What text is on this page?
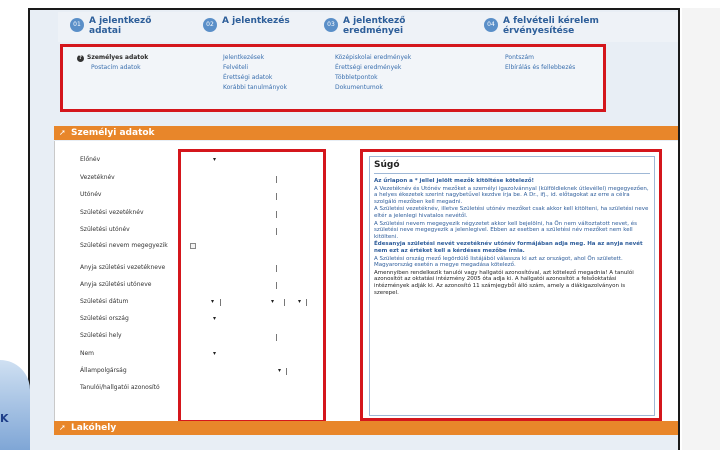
K
01 A jelentkező adatai
02 A jelentkezés	03 A jelentkező eredményei
04 A felvételi kérelem érvényesítése
? Személyes adatok
Postacím adatok
Jelentkezések
Felvételi
Érettségi adatok
Korábbi tanulmányok
Középiskolai eredmények
Érettségi eredmények
Többletpontok
Dokumentumok
Pontszám
Elbírálás és fellebbezés
➚ Személyi adatok
Előnév
Vezetéknév
Utónév
Születési vezetéknév
Születési utónév
Születési nevem megegyezik
Anyja születési vezetékneve
Anyja születési utóneve
Születési dátum
Születési ország
Születési hely
Nem
Állampolgárság
Tanulói/hallgatói azonosító
▾
▾	▾	▾
▾
▾
▾
Súgó
Az űrlapon a * jellel jelölt mezők kitöltése kötelező!
A Vezetéknév és Utónév mezőket a személyi igazolvánnyal (külföldieknek útlevéllel) megegyezően, a helyes ékezetek szerint nagybetűvel kezdve írja be. A Dr., ifj., id. előtagokat az erre a célra szolgáló mezőben kell megadni.
A Születési vezetéknév, illetve Születési utónév mezőket csak akkor kell kitölteni, ha születési neve eltér a jelenlegi hivatalos nevétől.
A Születési nevem megegyezik négyzetet akkor kell bejelölni, ha Ön nem változtatott nevet, és születési neve megegyezik a jelenlegivel. Ebben az esetben a születési név mezőket nem kell kitölteni.
Édesanyja születési nevét vezetéknév utónév formájában adja meg. Ha az anyja nevét nem ezt az értéket kell a kérdéses mezőbe írnia.
A Születési ország mező legördülő listájából válassza ki azt az országot, ahol Ön született. Magyarország esetén a megye megadása kötelező.
Amennyiben rendelkezik tanulói vagy hallgatói azonosítóval, azt kötelező megadnia! A tanulói azonosítót az oktatási intézmény 2005 óta adja ki. A hallgatói azonosítót a felsőoktatási intézmények adják ki. Az azonosító 11 számjegyből álló szám, amely a diákigazolványon is szerepel.
➚ Lakóhely
